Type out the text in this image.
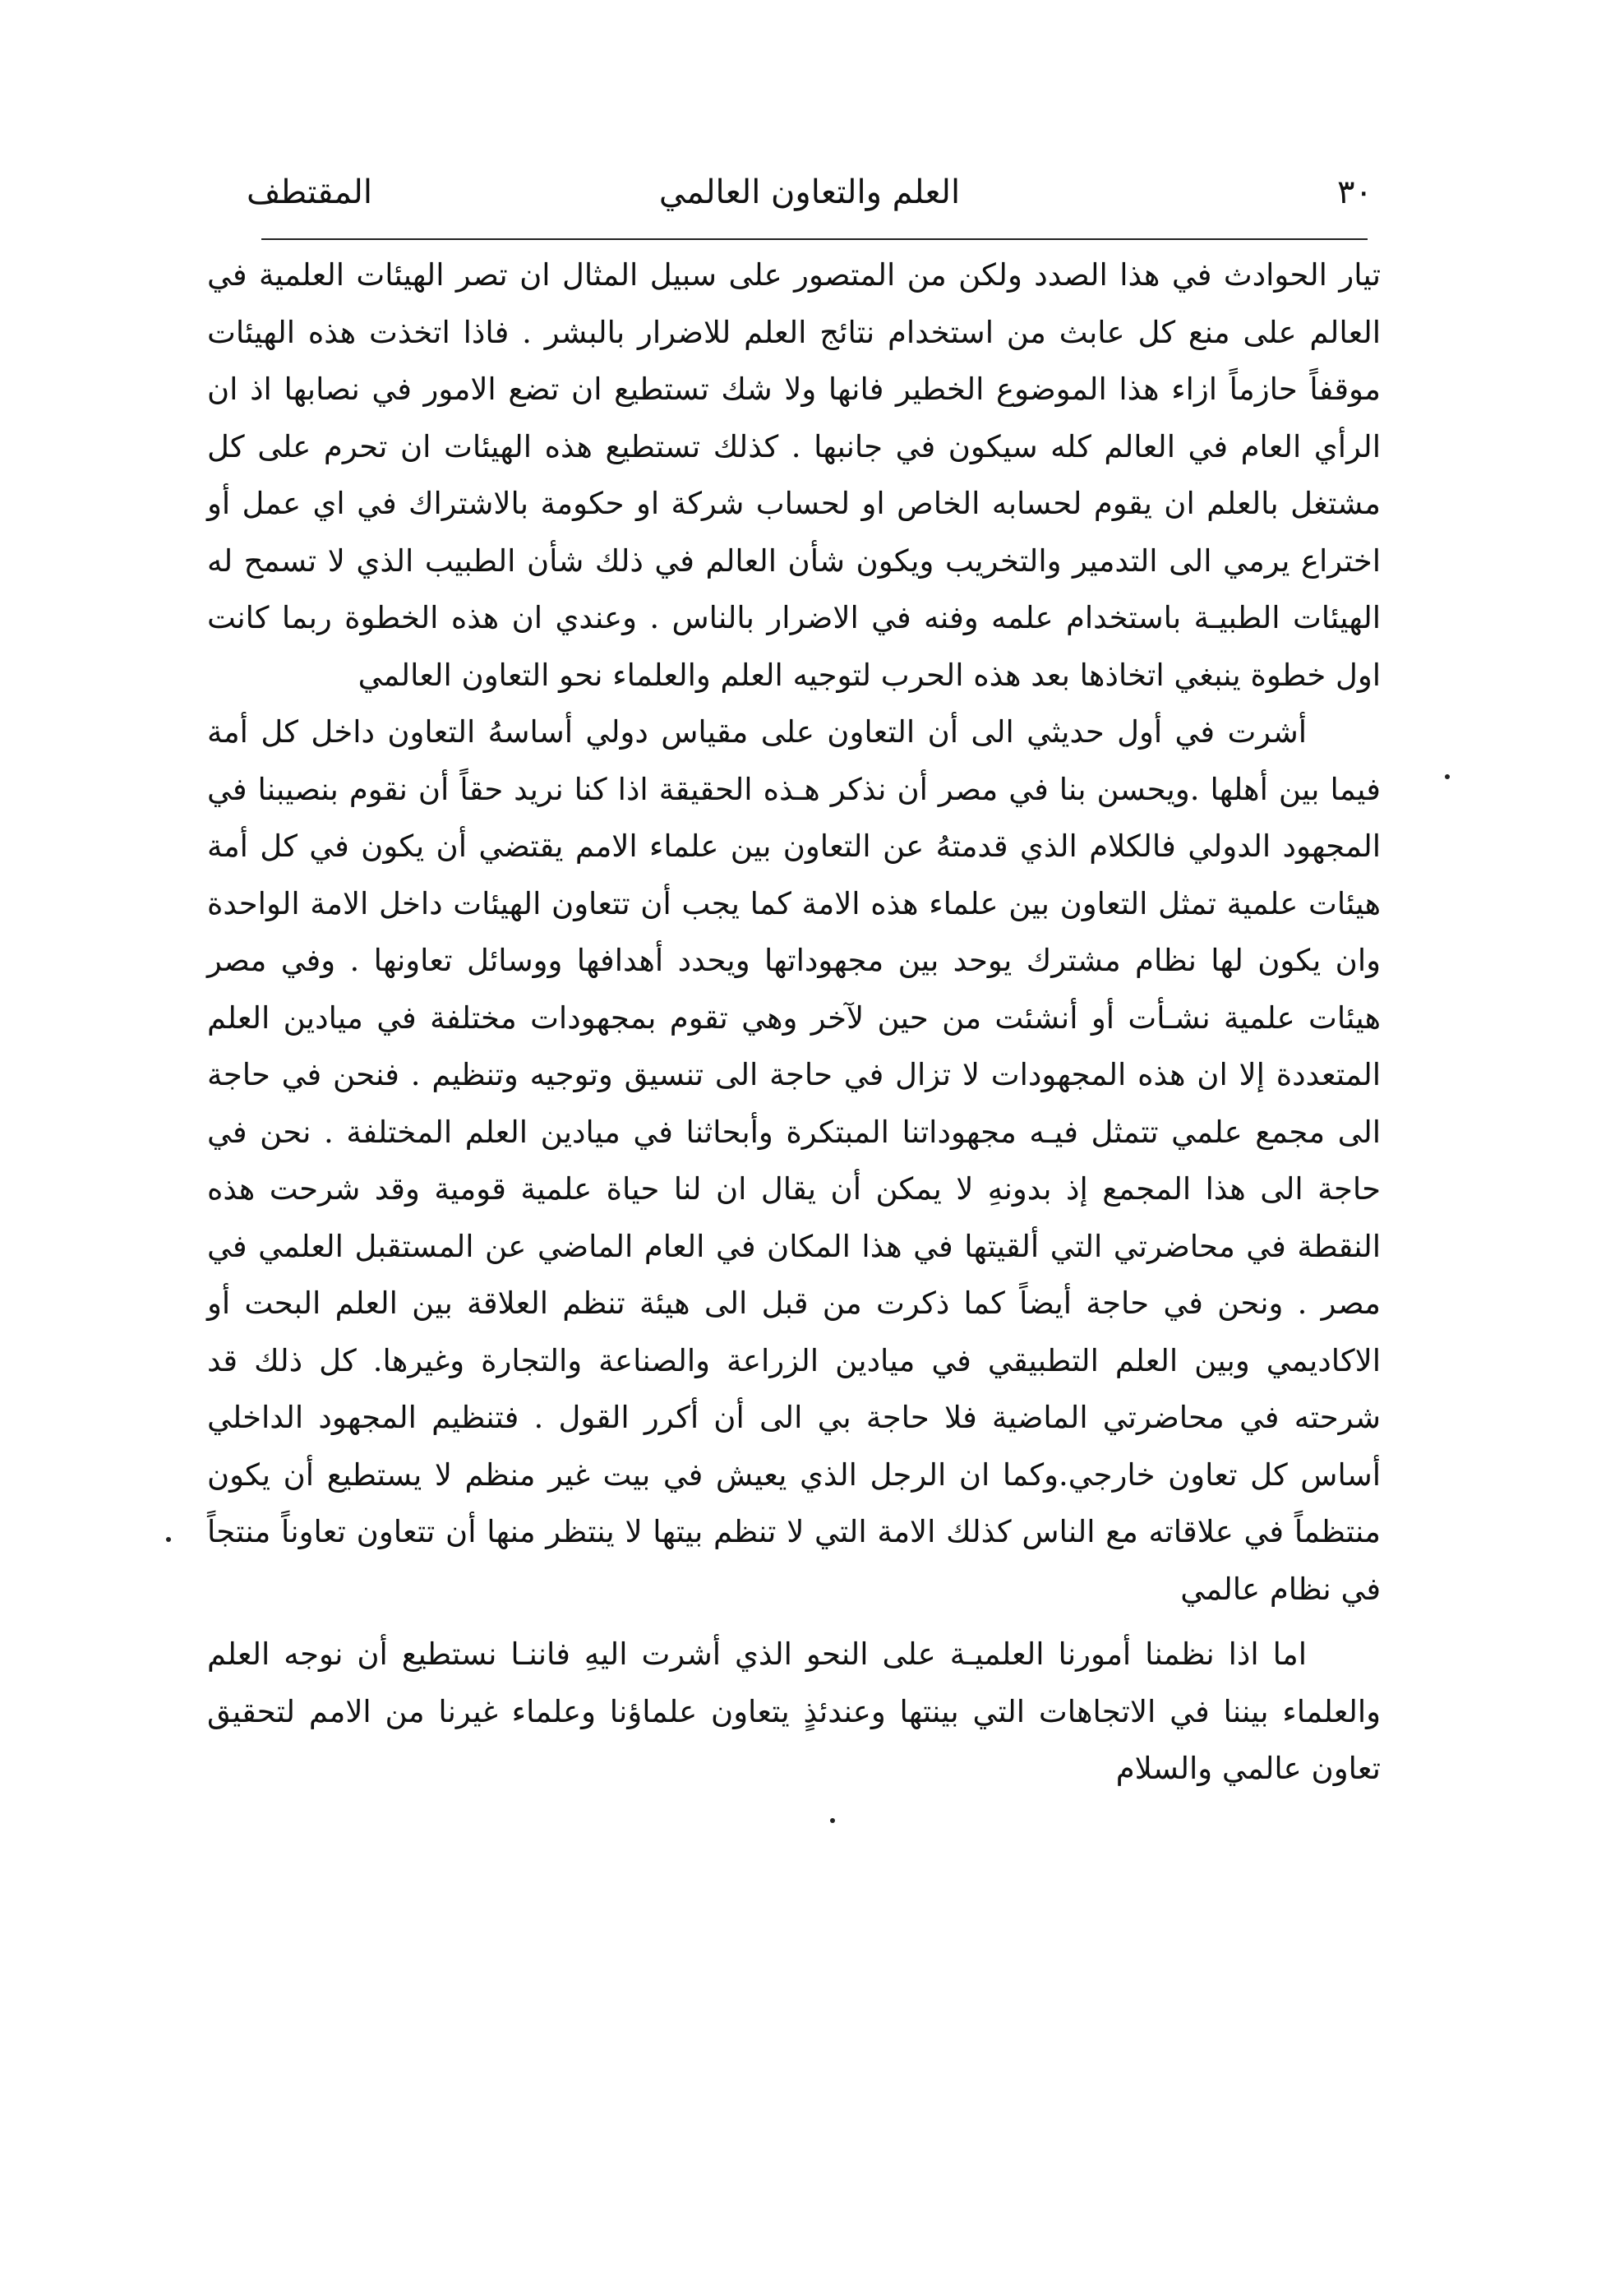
٣٠
العلم والتعاون العالمي
المقتطف

تيار الحوادث في هذا الصدد ولكن من المتصور على سبيل المثال ان تصر الهيئات العلمية في العالم على منع كل عابث من استخدام نتائج العلم للاضرار بالبشر . فاذا اتخذت هذه الهيئات موقفاً حازماً ازاء هذا الموضوع الخطير فانها ولا شك تستطيع ان تضع الامور في نصابها اذ ان الرأي العام في العالم كله سيكون في جانبها . كذلك تستطيع هذه الهيئات ان تحرم على كل مشتغل بالعلم ان يقوم لحسابه الخاص او لحساب شركة او حكومة بالاشتراك في اي عمل أو اختراع يرمي الى التدمير والتخريب ويكون شأن العالم في ذلك شأن الطبيب الذي لا تسمح له الهيئات الطبيـة باستخدام علمه وفنه في الاضرار بالناس . وعندي ان هذه الخطوة ربما كانت اول خطوة ينبغي اتخاذها بعد هذه الحرب لتوجيه العلم والعلماء نحو التعاون العالمي

أشرت في أول حديثي الى أن التعاون على مقياس دولي أساسهُ التعاون داخل كل أمة فيما بين أهلها .ويحسن بنا في مصر أن نذكر هـذه الحقيقة اذا كنا نريد حقاً أن نقوم بنصيبنا في المجهود الدولي فالكلام الذي قدمتهُ عن التعاون بين علماء الامم يقتضي أن يكون في كل أمة هيئات علمية تمثل التعاون بين علماء هذه الامة كما يجب أن تتعاون الهيئات داخل الامة الواحدة وان يكون لها نظام مشترك يوحد بين مجهوداتها ويحدد أهدافها ووسائل تعاونها . وفي مصر هيئات علمية نشـأت أو أنشئت من حين لآخر وهي تقوم بمجهودات مختلفة في ميادين العلم المتعددة إلا ان هذه المجهودات لا تزال في حاجة الى تنسيق وتوجيه وتنظيم . فنحن في حاجة الى مجمع علمي تتمثل فيـه مجهوداتنا المبتكرة وأبحاثنا في ميادين العلم المختلفة . نحن في حاجة الى هذا المجمع إذ بدونهِ لا يمكن أن يقال ان لنا حياة علمية قومية وقد شرحت هذه النقطة في محاضرتي التي ألقيتها في هذا المكان في العام الماضي عن المستقبل العلمي في مصر . ونحن في حاجة أيضاً كما ذكرت من قبل الى هيئة تنظم العلاقة بين العلم البحت أو الاكاديمي وبين العلم التطبيقي في ميادين الزراعة والصناعة والتجارة وغيرها. كل ذلك قد شرحته في محاضرتي الماضية فلا حاجة بي الى أن أكرر القول . فتنظيم المجهود الداخلي أساس كل تعاون خارجي.وكما ان الرجل الذي يعيش في بيت غير منظم لا يستطيع أن يكون منتظماً في علاقاته مع الناس كذلك الامة التي لا تنظم بيتها لا ينتظر منها أن تتعاون تعاوناً منتجاً في نظام عالمي

اما اذا نظمنا أمورنا العلميـة على النحو الذي أشرت اليهِ فاننـا نستطيع أن نوجه العلم والعلماء بيننا في الاتجاهات التي بينتها وعندئذٍ يتعاون علماؤنا وعلماء غيرنا من الامم لتحقيق تعاون عالمي والسلام
